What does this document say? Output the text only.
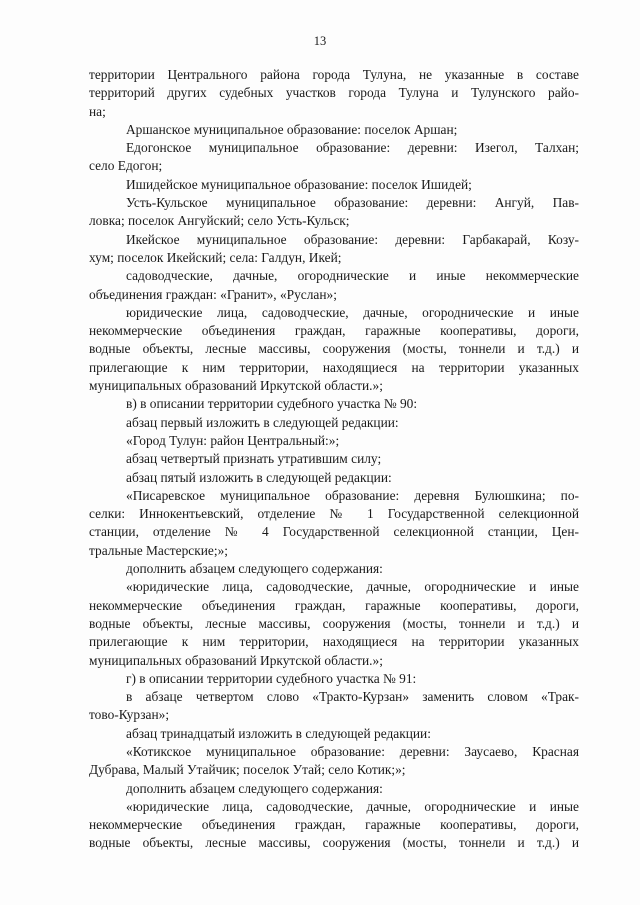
13
территории Центрального района города Тулуна, не указанные в составе
территорий других судебных участков города Тулуна и Тулунского райо-
на;
Аршанское муниципальное образование: поселок Аршан;
Едогонское муниципальное образование: деревни: Изегол, Талхан;
село Едогон;
Ишидейское муниципальное образование: поселок Ишидей;
Усть-Кульское муниципальное образование: деревни: Ангуй, Пав-
ловка; поселок Ангуйский; село Усть-Кульск;
Икейское муниципальное образование: деревни: Гарбакарай, Козу-
хум; поселок Икейский; села: Галдун, Икей;
садоводческие, дачные, огороднические и иные некоммерческие
объединения граждан: «Гранит», «Руслан»;
юридические лица, садоводческие, дачные, огороднические и иные
некоммерческие объединения граждан, гаражные кооперативы, дороги,
водные объекты, лесные массивы, сооружения (мосты, тоннели и т.д.) и
прилегающие к ним территории, находящиеся на территории указанных
муниципальных образований Иркутской области.»;
в) в описании территории судебного участка № 90:
абзац первый изложить в следующей редакции:
«Город Тулун: район Центральный:»;
абзац четвертый признать утратившим силу;
абзац пятый изложить в следующей редакции:
«Писаревское муниципальное образование: деревня Булюшкина; по-
селки: Иннокентьевский, отделение № 1 Государственной селекционной
станции, отделение № 4 Государственной селекционной станции, Цен-
тральные Мастерские;»;
дополнить абзацем следующего содержания:
«юридические лица, садоводческие, дачные, огороднические и иные
некоммерческие объединения граждан, гаражные кооперативы, дороги,
водные объекты, лесные массивы, сооружения (мосты, тоннели и т.д.) и
прилегающие к ним территории, находящиеся на территории указанных
муниципальных образований Иркутской области.»;
г) в описании территории судебного участка № 91:
в абзаце четвертом слово «Тракто-Курзан» заменить словом «Трак-
тово-Курзан»;
абзац тринадцатый изложить в следующей редакции:
«Котикское муниципальное образование: деревни: Заусаево, Красная
Дубрава, Малый Утайчик; поселок Утай; село Котик;»;
дополнить абзацем следующего содержания:
«юридические лица, садоводческие, дачные, огороднические и иные
некоммерческие объединения граждан, гаражные кооперативы, дороги,
водные объекты, лесные массивы, сооружения (мосты, тоннели и т.д.) и
